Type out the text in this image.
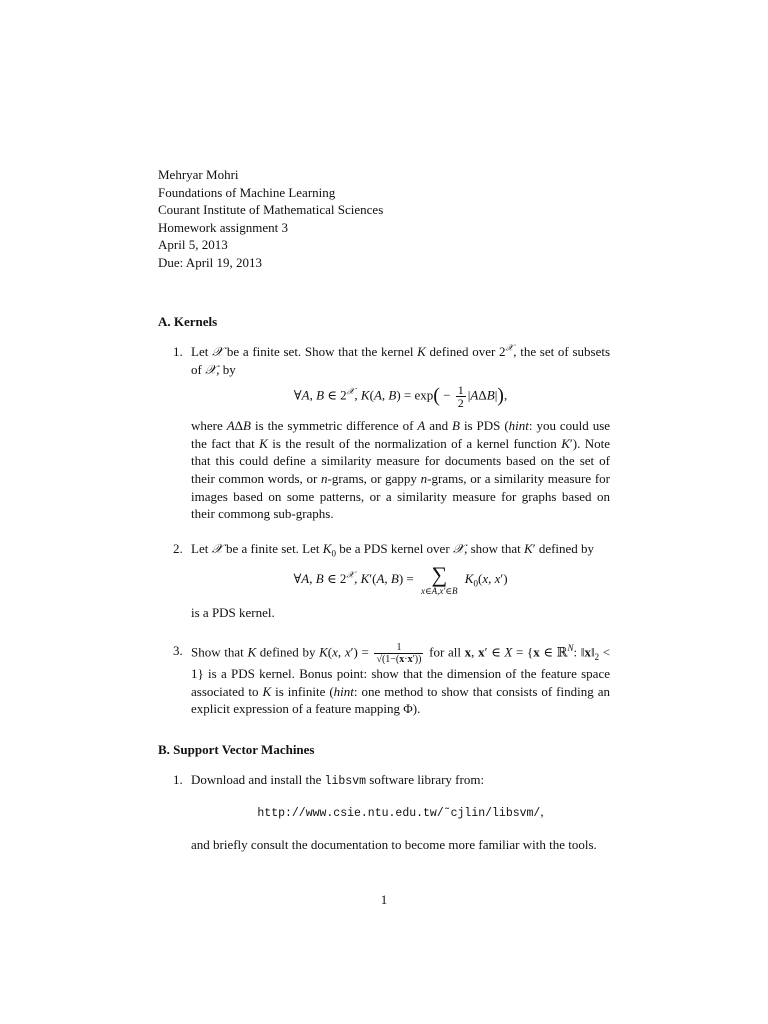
Mehryar Mohri
Foundations of Machine Learning
Courant Institute of Mathematical Sciences
Homework assignment 3
April 5, 2013
Due: April 19, 2013
A. Kernels
1. Let 𝒳 be a finite set. Show that the kernel K defined over $2^𝒳$, the set of subsets of 𝒳, by
∀A, B ∈ $2^𝒳$, K(A, $B) = \exp( - \frac{1}{2} |A\Delta B|)$,
where AΔB is the symmetric difference of A and B is PDS (hint: you could use the fact that K is the result of the normalization of a kernel function K′). Note that this could define a similarity measure for documents based on the set of their common words, or n-grams, or gappy n-grams, or a similarity measure for images based on some patterns, or a similarity measure for graphs based on their commong sub-graphs.
2. Let 𝒳 be a finite set. Let $K_0$ be a PDS kernel over 𝒳, show that K′ defined by
∀A, B ∈ $2^𝒳$, K′(A, B) = ∑
x∈A,x′∈B
$K_0(x$, x′)
is a PDS kernel.
3. Show that K defined by K(x, $x') = \frac{1}{√(1-(x\cdot x'))}$ for all x, x′ ∈ X = {x ∈ ℝ$^N$: $‖x‖_2 < 1$} is a PDS kernel. Bonus point: show that the dimension of the feature space associated to K is infinite (hint: one method to show that consists of finding an explicit expression of a feature mapping Φ).
B. Support Vector Machines
1. Download and install the libsvm software library from:
http://www.csie.ntu.edu.tw/˜cjlin/libsvm/,
and briefly consult the documentation to become more familiar with the tools.
1
